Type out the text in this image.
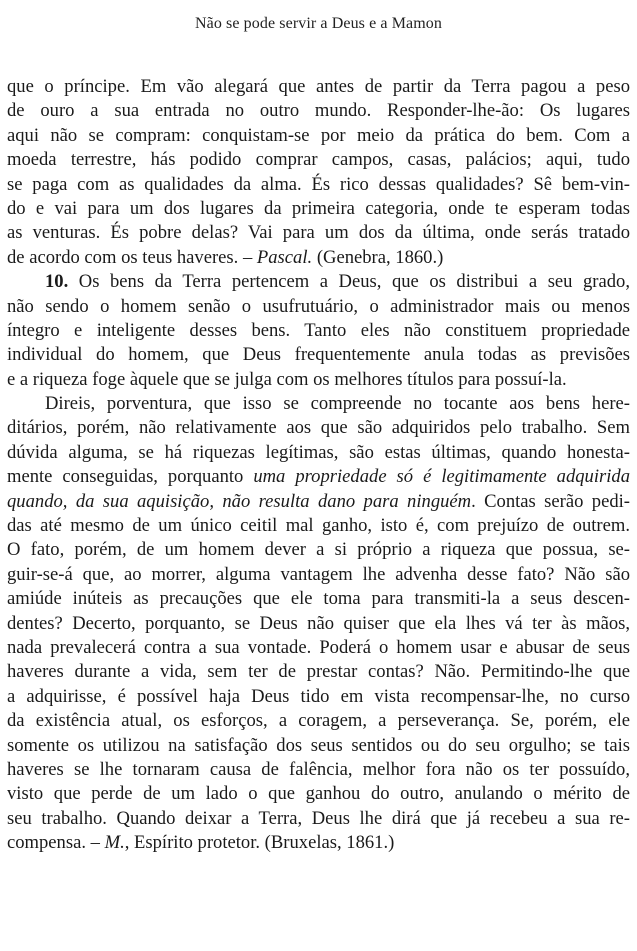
Não se pode servir a Deus e a Mamon
que o príncipe. Em vão alegará que antes de partir da Terra pagou a peso
de ouro a sua entrada no outro mundo. Responder-lhe-ão: Os lugares
aqui não se compram: conquistam-se por meio da prática do bem. Com a
moeda terrestre, hás podido comprar campos, casas, palácios; aqui, tudo
se paga com as qualidades da alma. És rico dessas qualidades? Sê bem-vin-
do e vai para um dos lugares da primeira categoria, onde te esperam todas
as venturas. És pobre delas? Vai para um dos da última, onde serás tratado
de acordo com os teus haveres. – Pascal. (Genebra, 1860.)
10. Os bens da Terra pertencem a Deus, que os distribui a seu grado,
não sendo o homem senão o usufrutuário, o administrador mais ou menos
íntegro e inteligente desses bens. Tanto eles não constituem propriedade
individual do homem, que Deus frequentemente anula todas as previsões
e a riqueza foge àquele que se julga com os melhores títulos para possuí-la.
Direis, porventura, que isso se compreende no tocante aos bens here-
ditários, porém, não relativamente aos que são adquiridos pelo trabalho. Sem
dúvida alguma, se há riquezas legítimas, são estas últimas, quando honesta-
mente conseguidas, porquanto uma propriedade só é legitimamente adquirida
quando, da sua aquisição, não resulta dano para ninguém. Contas serão pedi-
das até mesmo de um único ceitil mal ganho, isto é, com prejuízo de outrem.
O fato, porém, de um homem dever a si próprio a riqueza que possua, se-
guir-se-á que, ao morrer, alguma vantagem lhe advenha desse fato? Não são
amiúde inúteis as precauções que ele toma para transmiti-la a seus descen-
dentes? Decerto, porquanto, se Deus não quiser que ela lhes vá ter às mãos,
nada prevalecerá contra a sua vontade. Poderá o homem usar e abusar de seus
haveres durante a vida, sem ter de prestar contas? Não. Permitindo-lhe que
a adquirisse, é possível haja Deus tido em vista recompensar-lhe, no curso
da existência atual, os esforços, a coragem, a perseverança. Se, porém, ele
somente os utilizou na satisfação dos seus sentidos ou do seu orgulho; se tais
haveres se lhe tornaram causa de falência, melhor fora não os ter possuído,
visto que perde de um lado o que ganhou do outro, anulando o mérito de
seu trabalho. Quando deixar a Terra, Deus lhe dirá que já recebeu a sua re-
compensa. – M., Espírito protetor. (Bruxelas, 1861.)
